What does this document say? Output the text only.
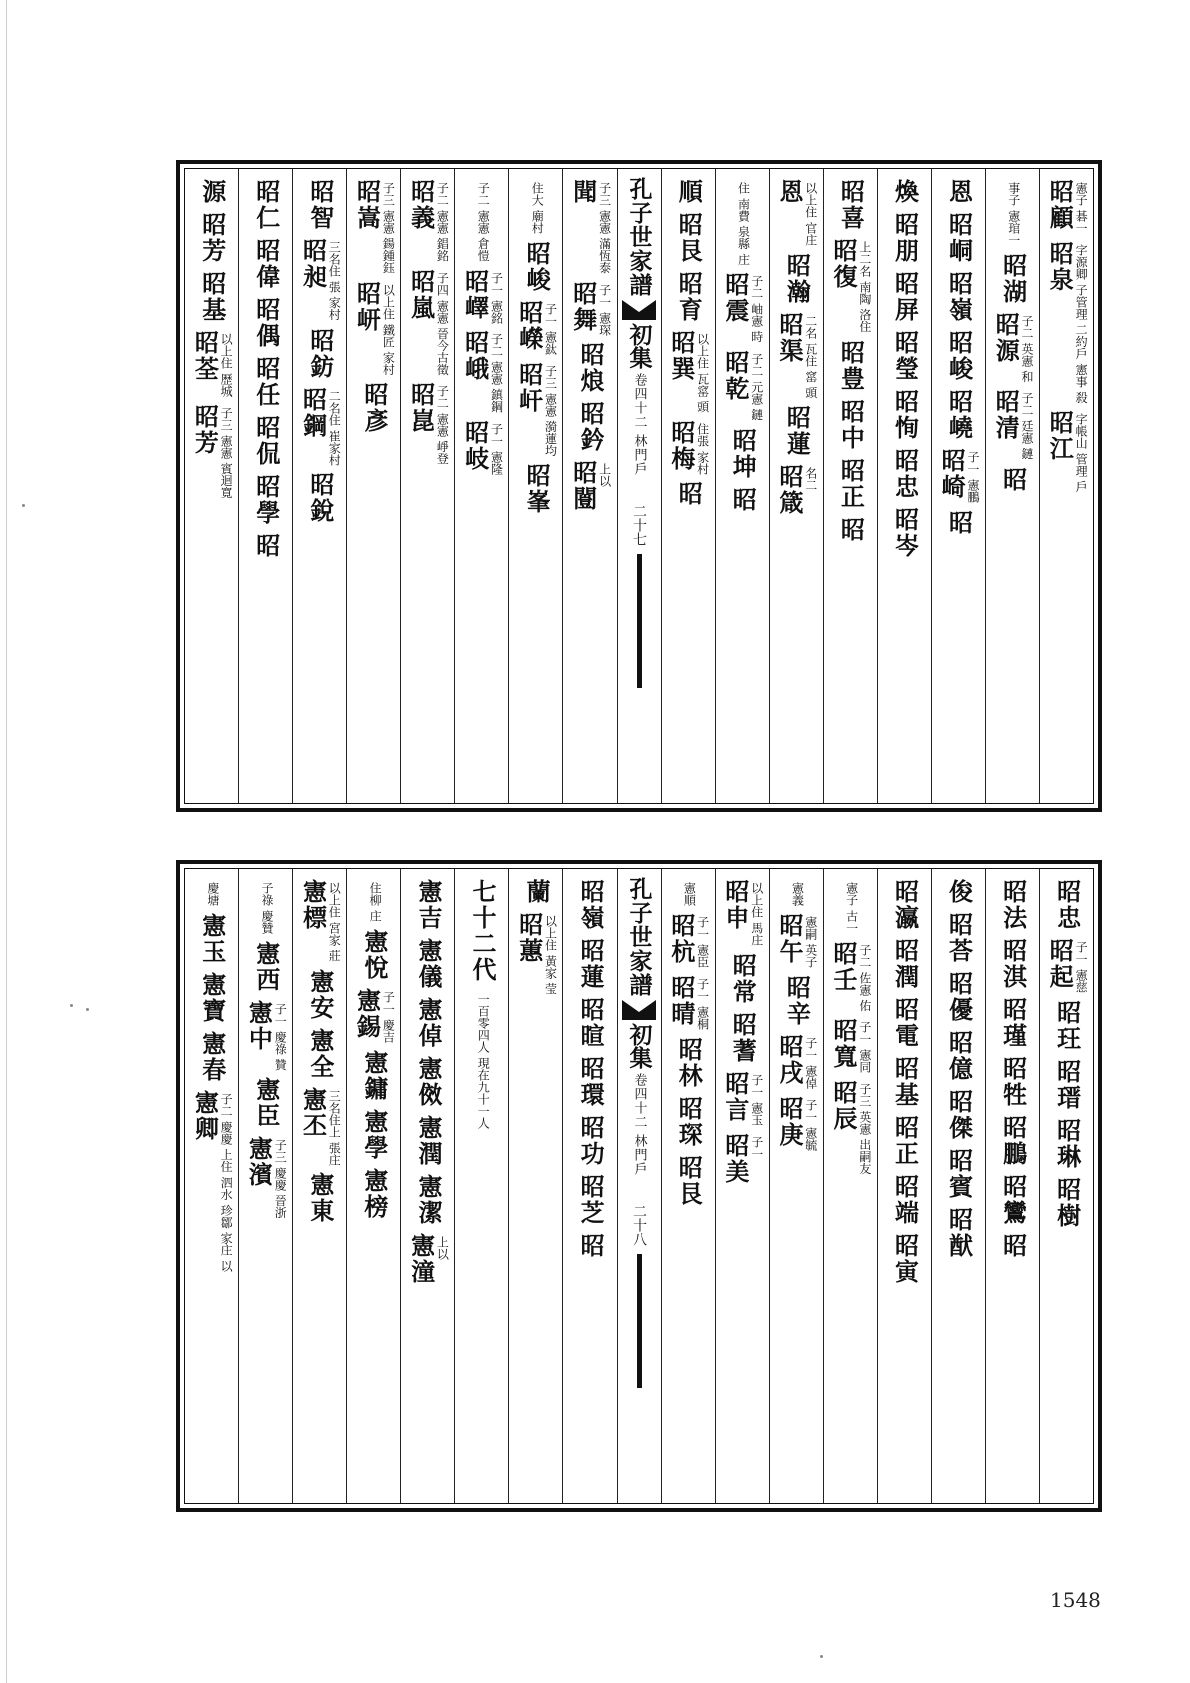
昭顧 憲子 碁一
昭泉 字源卿 子管理 二約戶 憲事 殺
昭江 字帳山 管理 戶
事子 憲琯一
昭湖
昭源 子二 英憲 和
昭清 子二 廷憲 鏈
昭
恩
昭峒
昭嶺
昭峻
昭嶢
昭崎 子一 憲鵬
昭
煥
昭朋
昭屏
昭瑩
昭恂
昭忠
昭岑
昭喜
昭復 上二名 南陶 洛住
昭豊
昭中
昭正
昭
恩 以上住 官庄
昭瀚
昭渠 二名 瓦住 窰 頭
昭蓮
昭箴 名二
住 南費 泉縣 庄
昭震 子二 岫憲 時
昭乾 子二 元憲 鏈
昭坤
昭
順
昭艮
昭育
昭巽 以上住 瓦窰 頭
昭梅 住張 家村
昭
孔子世家譜
初集
卷四十二 林門戶
二十七
聞 子三 憲憲 滿恆泰
昭舞 子一 憲琛
昭烺
昭鈐
昭闓 上以
住大 廟村
昭峻
昭嶸 子一 憲鈦
昭屽 子三 憲憲 漪蓮均
昭峯
子二 憲憲 倉愷
昭嶧 子一 憲銘
昭峨 子二 憲憲 鎮鋼
昭岐 子一 憲隆
昭義 子二 憲憲 錩銘
昭嵐 子四 憲憲 晉今古徵
昭崑 子二 憲憲 崢登
昭嵩 子三 憲憲 鍚鍾鈺
昭岍 以上住 鐵匠 家村
昭彥
昭智
昭昶 三名住 張 家村
昭鈁
昭鋼 二名住 崔家村
昭銳
昭仁
昭偉
昭偶
昭任
昭侃
昭學
昭
源
昭芳
昭基
昭荃 以上住 歷城
昭芳 子三 憲憲 賓迴寬
昭忠
昭起 子一 憲慈
昭玨
昭瑨
昭琳
昭樹
昭法
昭淇
昭瑾
昭牲
昭鵬
昭鸞
昭
俊
昭荅
昭優
昭億
昭傑
昭賓
昭猷
昭瀛
昭潤
昭電
昭基
昭正
昭端
昭寅
憲子 古一
昭壬 子二 佐憲 佑
昭寬 子一 憲同
昭辰 子三 英憲 出嗣友
憲義
昭午 憲嗣 英子
昭辛
昭戌 子一 憲倬
昭庚 子一 憲毓
昭申 以上住 馬庄
昭常
昭蓍
昭言 子一 憲玉
昭美 子一
憲順
昭杭 子一 憲臣
昭晴 子一 憲桐
昭林
昭琛
昭艮
孔子世家譜
初集
卷四十二 林門戶
二十八
昭嶺
昭蓮
昭暄
昭環
昭功
昭芝
昭
蘭
昭蕙 以上住 黃家 莹
七十二代
一百零四人 現在九十一人
憲吉
憲儀
憲倬
憲傚
憲潤
憲潔
憲潼 上以
住柳 庄
憲悅
憲錫 子一 慶吉
憲鏞
憲學
憲榜
憲標 以上住 宮家 莊
憲安
憲全
憲丕 三名住上 張庄
憲東
子祿 慶贊
憲西
憲中 子一 慶祿 贊
憲臣
憲濱 子三 慶慶 晉浙
慶塘
憲玉
憲寶
憲春
憲卿 子二 慶慶 上住 泗水 珍鄒 家庄 以
1548
